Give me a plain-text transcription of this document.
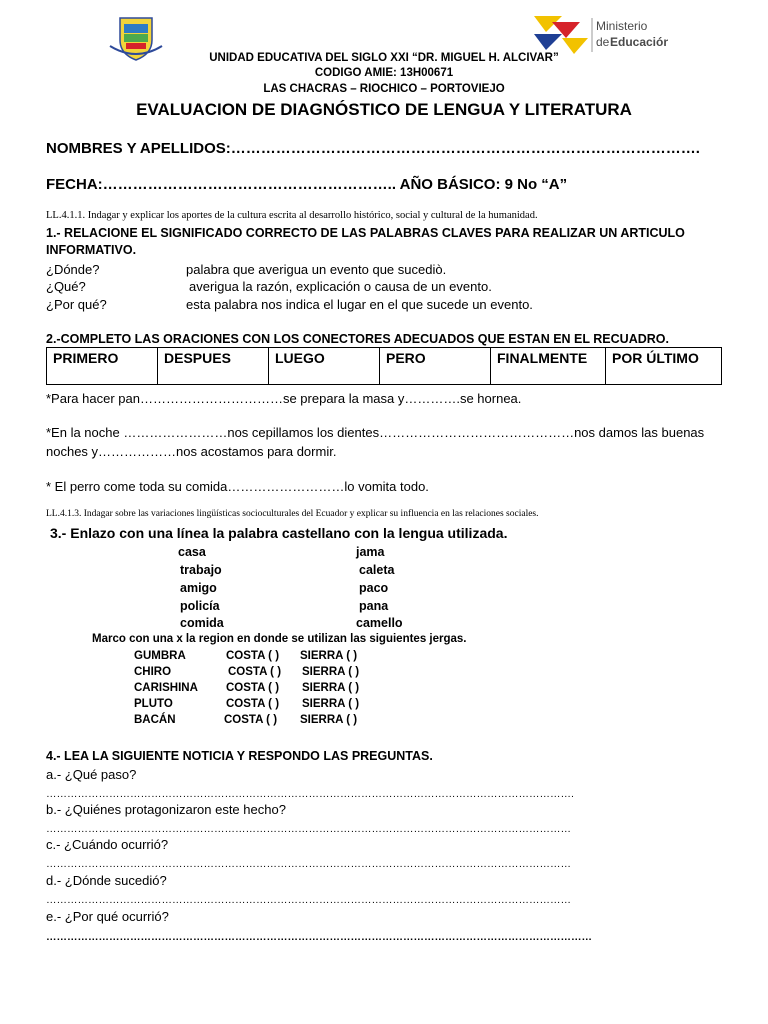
Ministerio
de Educación
UNIDAD EDUCATIVA DEL SIGLO XXI “DR. MIGUEL H. ALCIVAR”
CODIGO AMIE: 13H00671
LAS CHACRAS – RIOCHICO – PORTOVIEJO
EVALUACION DE DIAGNÓSTICO DE LENGUA Y LITERATURA
NOMBRES Y APELLIDOS:………………………………………………………………………………….
FECHA:………………………………………………….. AÑO BÁSICO: 9 No “A”
LL.4.1.1. Indagar y explicar los aportes de la cultura escrita al desarrollo histórico, social y cultural de la humanidad.
1.- RELACIONE EL SIGNIFICADO CORRECTO DE LAS PALABRAS CLAVES PARA REALIZAR UN ARTICULO
INFORMATIVO.
¿Dónde?	palabra que averigua un evento que sucediò.
¿Qué?	averigua la razón, explicación o causa de un evento.
¿Por qué?	esta palabra nos indica el lugar en el que sucede un evento.
2.-COMPLETO LAS ORACIONES CON LOS CONECTORES ADECUADOS QUE ESTAN EN EL RECUADRO.
PRIMERO	DESPUES	LUEGO	PERO	FINALMENTE	POR ÚLTIMO
*Para hacer pan……………………………se prepara la masa y………….se hornea.
*En la noche ……………………nos cepillamos los dientes………………………………………nos damos las buenas
noches y………………nos acostamos para dormir.
* El perro come toda su comida………………………lo vomita todo.
LL.4.1.3. Indagar sobre las variaciones lingüísticas socioculturales del Ecuador y explicar su influencia en las relaciones sociales.
3.- Enlazo con una línea la palabra castellano con la lengua utilizada.
casa
trabajo
amigo
policía
comida
jama
caleta
paco
pana
camello
Marco con una x la region en donde se utilizan las siguientes jergas.
GUMBRA	COSTA ( ) SIERRA ( )
CHIRO	COSTA ( ) SIERRA ( )
CARISHINA COSTA ( ) SIERRA ( )
PLUTO	COSTA ( ) SIERRA ( )
BACÁN	COSTA ( ) SIERRA ( )
4.- LEA LA SIGUIENTE NOTICIA Y RESPONDO LAS PREGUNTAS.
a.- ¿Qué paso?
…………………………………………………………………………………………………………………………………….
b.- ¿Quiénes protagonizaron este hecho?
……………………………………………………………………………………………………………………………………
c.- ¿Cuándo ocurrió?
……………………………………………………………………………………………………………………………………
d.- ¿Dónde sucedió?
……………………………………………………………………………………………………………………………………
e.- ¿Por qué ocurrió?
…………………………………………………………………………………………………………………………………………
